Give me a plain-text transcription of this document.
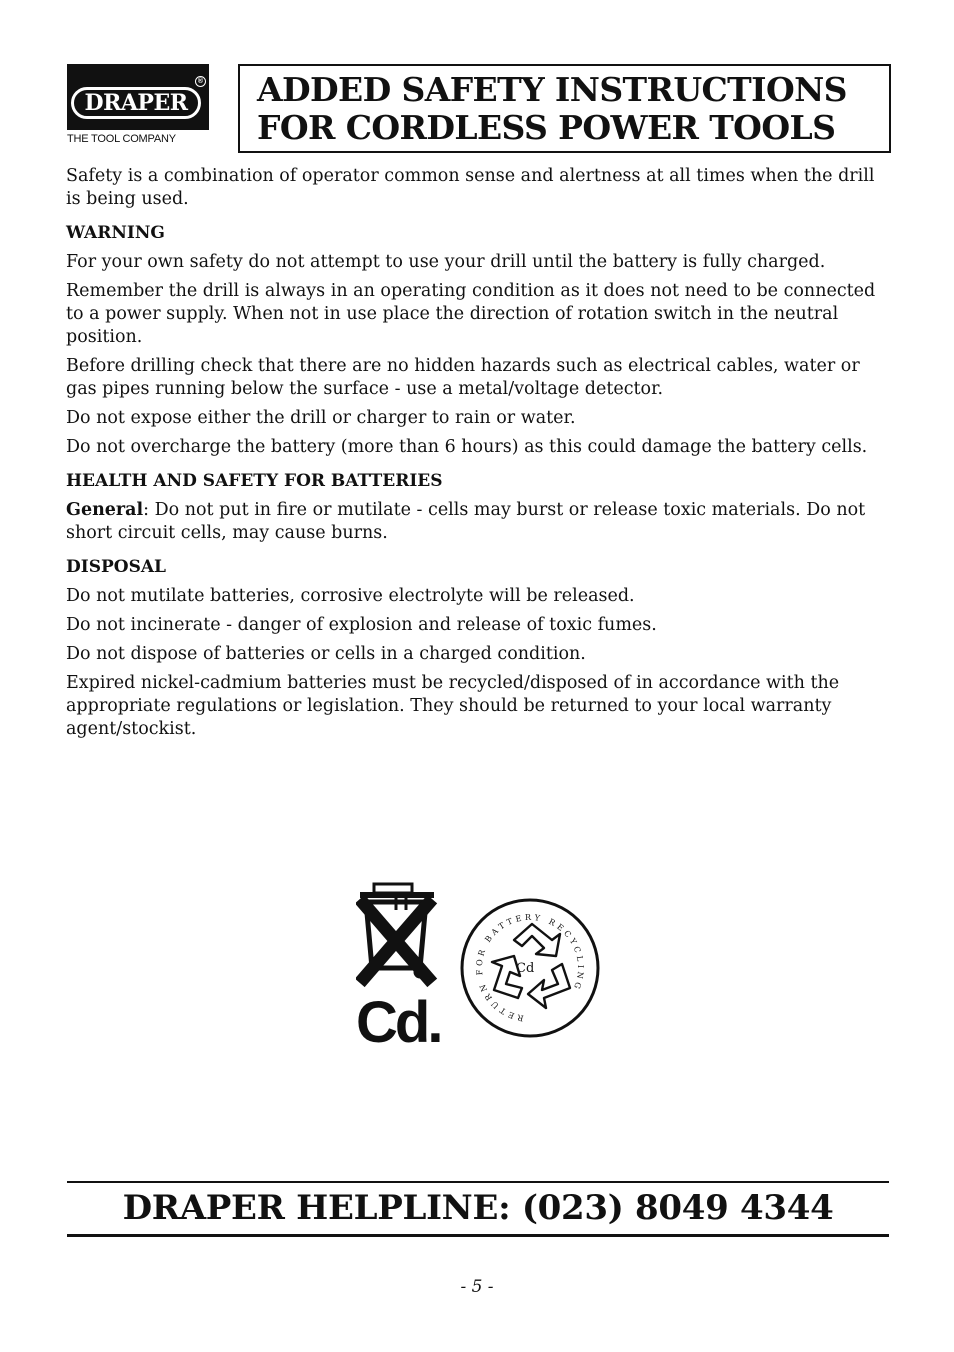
®
DRAPER
THE TOOL COMPANY
ADDED SAFETY INSTRUCTIONS
FOR CORDLESS POWER TOOLS

Safety is a combination of operator common sense and alertness at all times when the drill is being used.

WARNING

For your own safety do not attempt to use your drill until the battery is fully charged.

Remember the drill is always in an operating condition as it does not need to be connected to a power supply. When not in use place the direction of rotation switch in the neutral position.

Before drilling check that there are no hidden hazards such as electrical cables, water or gas pipes running below the surface - use a metal/voltage detector.

Do not expose either the drill or charger to rain or water.

Do not overcharge the battery (more than 6 hours) as this could damage the battery cells.

HEALTH AND SAFETY FOR BATTERIES

General: Do not put in fire or mutilate - cells may burst or release toxic materials. Do not short circuit cells, may cause burns.

DISPOSAL

Do not mutilate batteries, corrosive electrolyte will be released.

Do not incinerate - danger of explosion and release of toxic fumes.

Do not dispose of batteries or cells in a charged condition.

Expired nickel-cadmium batteries must be recycled/disposed of in accordance with the appropriate regulations or legislation. They should be returned to your local warranty agent/stockist.

Cd.	RETURN FOR BATTERY RECYCLING
Cd
DRAPER HELPLINE: (023) 8049 4344
- 5 -
